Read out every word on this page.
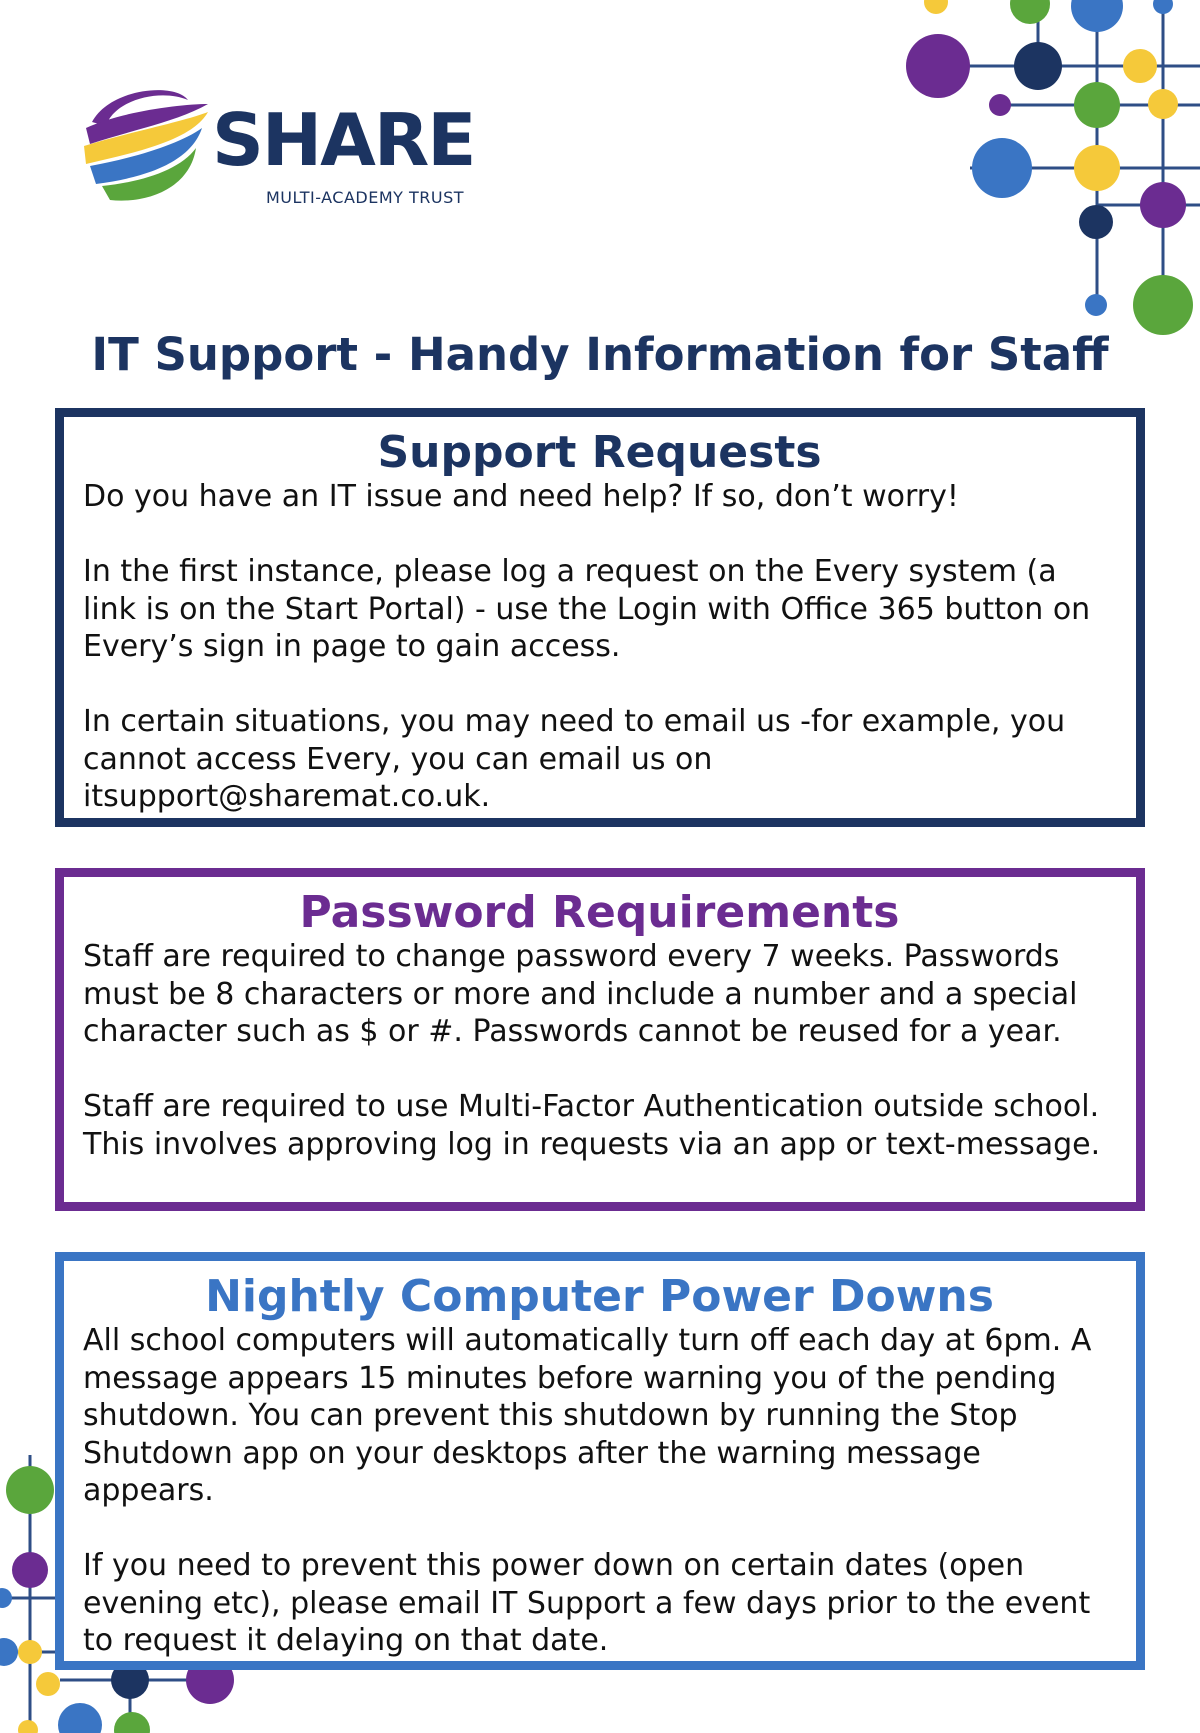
SHARE
MULTI-ACADEMY TRUST
IT Support - Handy Information for Staff
Support Requests

Do you have an IT issue and need help? If so, don’t worry!

In the first instance, please log a request on the Every system (a link is on the Start Portal) - use the Login with Office 365 button on Every’s sign in page to gain access.

In certain situations, you may need to email us -for example, you cannot access Every, you can email us on itsupport@sharemat.co.uk.

Password Requirements

Staff are required to change password every 7 weeks. Passwords must be 8 characters or more and include a number and a special character such as $ or #. Passwords cannot be reused for a year.

Staff are required to use Multi-Factor Authentication outside school. This involves approving log in requests via an app or text-message.

Nightly Computer Power Downs

All school computers will automatically turn off each day at 6pm. A message appears 15 minutes before warning you of the pending shutdown. You can prevent this shutdown by running the Stop Shutdown app on your desktops after the warning message appears.

If you need to prevent this power down on certain dates (open evening etc), please email IT Support a few days prior to the event to request it delaying on that date.
